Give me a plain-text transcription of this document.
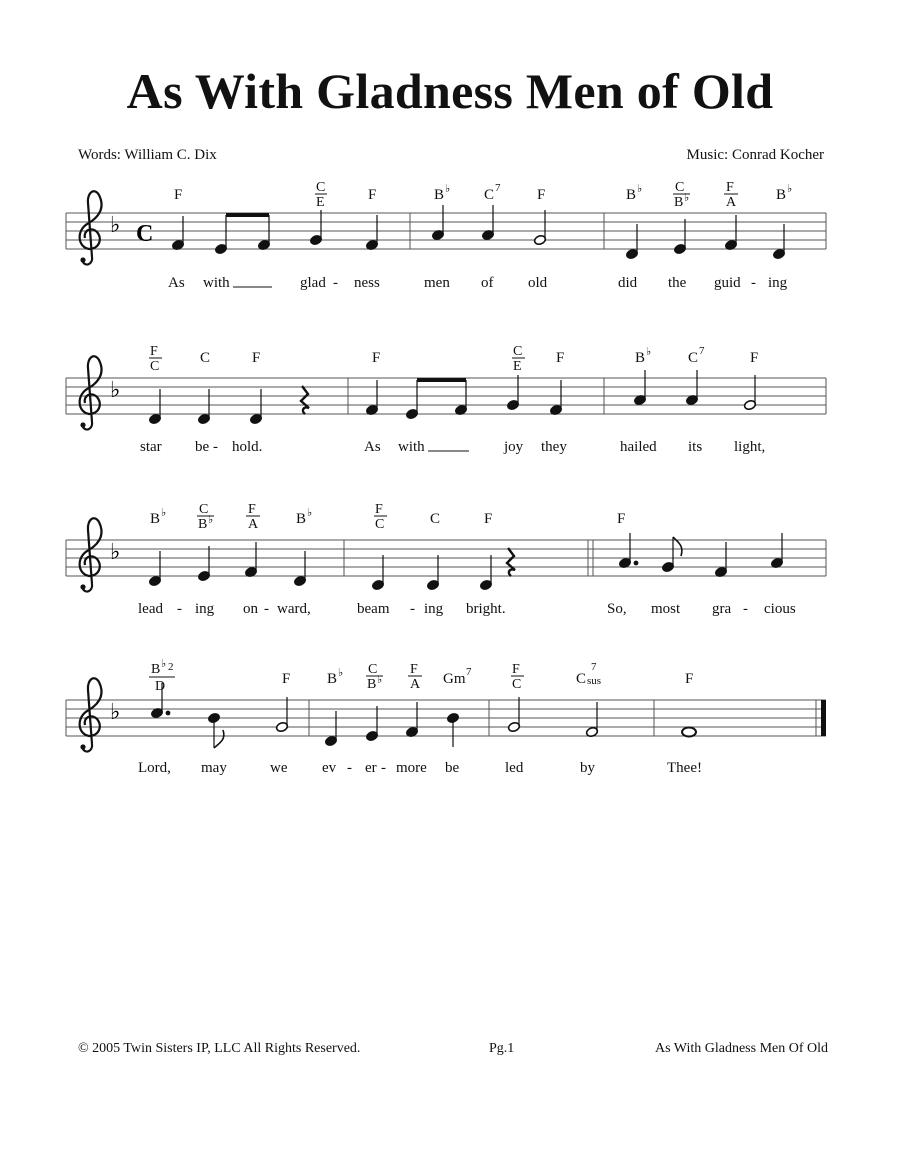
As With Gladness Men of Old
Words: William C. Dix	Music: Conrad Kocher
♭ C
F	C
E	F	B ♭ C 7 F	B ♭ C
B ♭
F
A	B ♭
As with	glad - ness	men of old	did the guid - ing
♭
F
C
C	F	F	C
E
F	B ♭ C 7	F
star be - hold.	As with	joy they	hailed its light,
♭
B ♭ C
B ♭
F
A	B ♭	F
C	C	F	F
lead - ing on - ward,	beam - ing bright.	So, most gra - cious
♭
B ♭ 2
D	F B ♭ C
B ♭
F
A Gm 7	F
C	C sus
7
F
Lord, may	we ev - er - more be	led	by	Thee!
© 2005 Twin Sisters IP, LLC All Rights Reserved.	Pg.1	As With Gladness Men Of Old
